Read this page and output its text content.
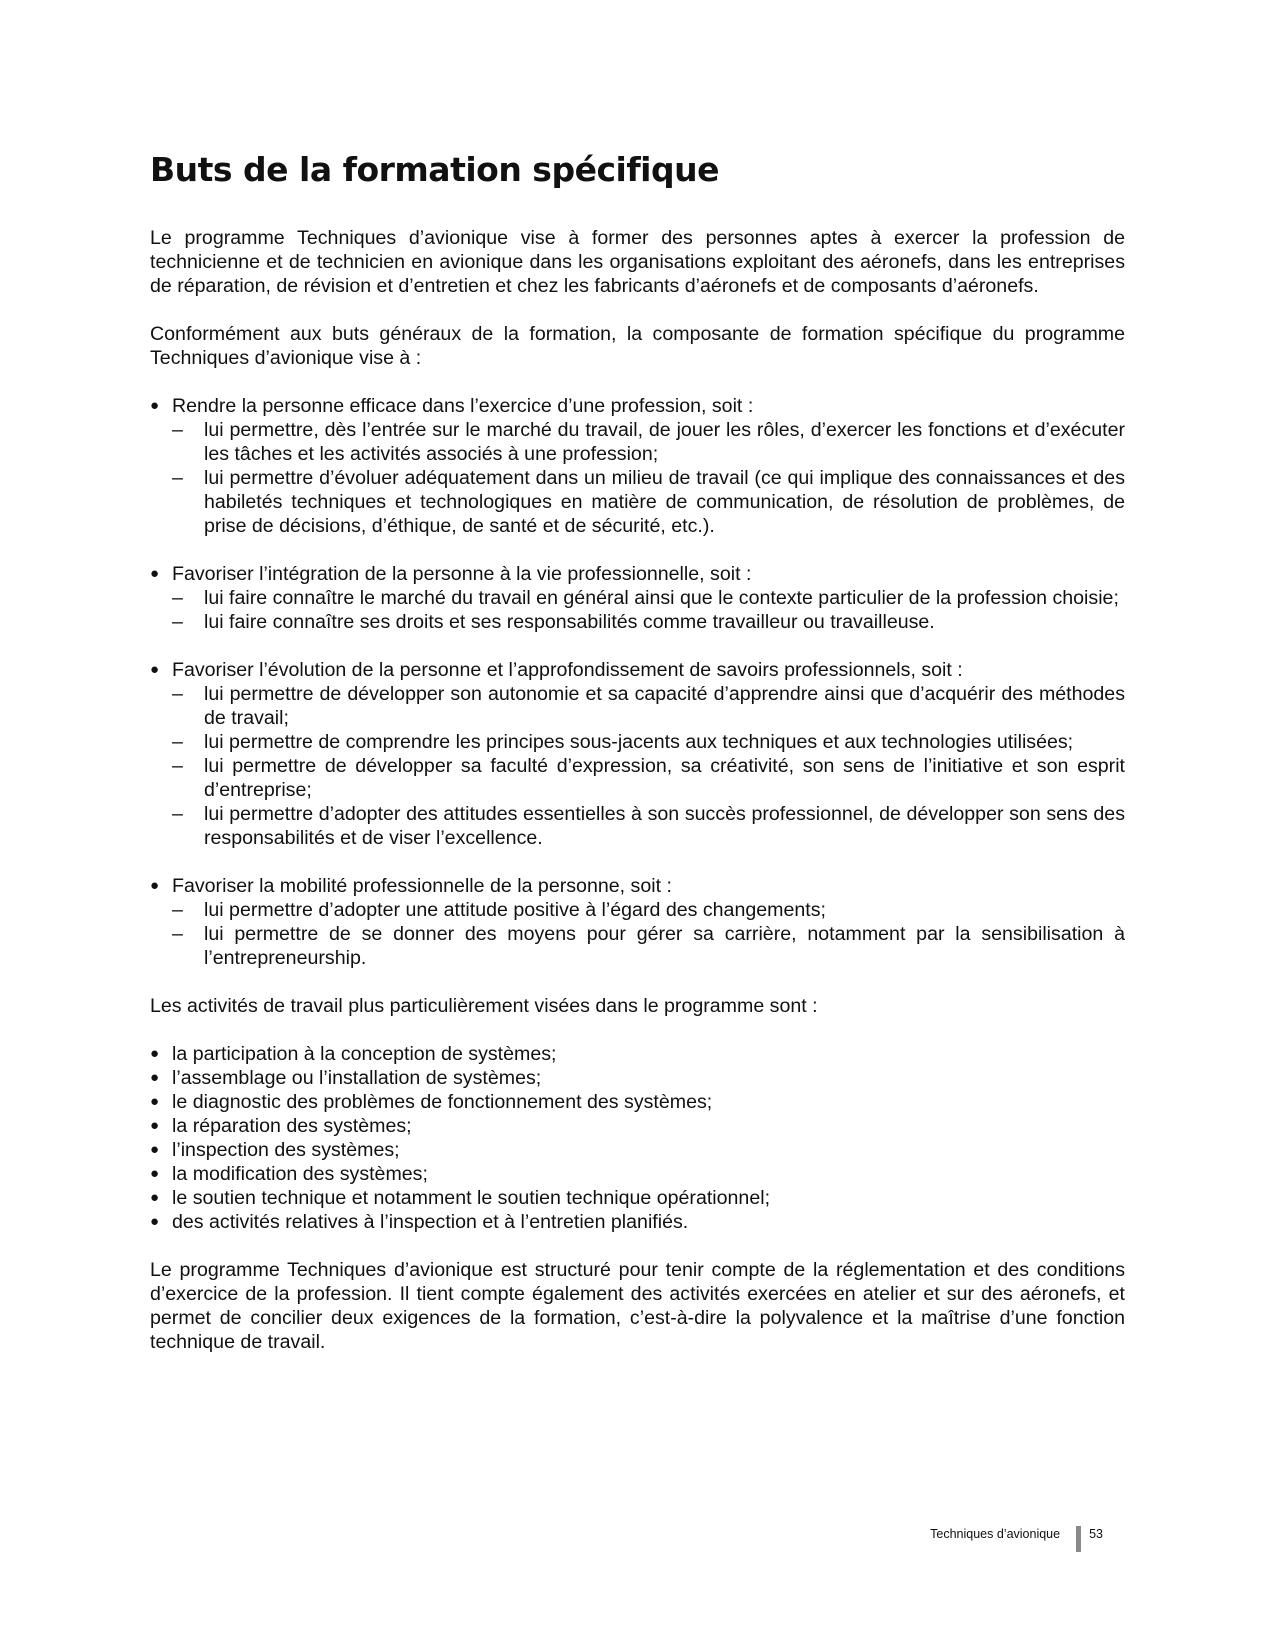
Buts de la formation spécifique

Le programme Techniques d’avionique vise à former des personnes aptes à exercer la profession de technicienne et de technicien en avionique dans les organisations exploitant des aéronefs, dans les entreprises de réparation, de révision et d’entretien et chez les fabricants d’aéronefs et de composants d’aéronefs.

Conformément aux buts généraux de la formation, la composante de formation spécifique du programme Techniques d’avionique vise à :

● Rendre la personne efficace dans l’exercice d’une profession, soit :
– lui permettre, dès l’entrée sur le marché du travail, de jouer les rôles, d’exercer les fonctions et d’exécuter les tâches et les activités associés à une profession;
– lui permettre d’évoluer adéquatement dans un milieu de travail (ce qui implique des connaissances et des habiletés techniques et technologiques en matière de communication, de résolution de problèmes, de prise de décisions, d’éthique, de santé et de sécurité, etc.).
● Favoriser l’intégration de la personne à la vie professionnelle, soit :
– lui faire connaître le marché du travail en général ainsi que le contexte particulier de la profession choisie;
– lui faire connaître ses droits et ses responsabilités comme travailleur ou travailleuse.
● Favoriser l’évolution de la personne et l’approfondissement de savoirs professionnels, soit :
– lui permettre de développer son autonomie et sa capacité d’apprendre ainsi que d’acquérir des méthodes de travail;
– lui permettre de comprendre les principes sous-jacents aux techniques et aux technologies utilisées;
– lui permettre de développer sa faculté d’expression, sa créativité, son sens de l’initiative et son esprit d’entreprise;
– lui permettre d’adopter des attitudes essentielles à son succès professionnel, de développer son sens des responsabilités et de viser l’excellence.
● Favoriser la mobilité professionnelle de la personne, soit :
– lui permettre d’adopter une attitude positive à l’égard des changements;
– lui permettre de se donner des moyens pour gérer sa carrière, notamment par la sensibilisation à l’entrepreneurship.

Les activités de travail plus particulièrement visées dans le programme sont :

● la participation à la conception de systèmes;
● l’assemblage ou l’installation de systèmes;
● le diagnostic des problèmes de fonctionnement des systèmes;
● la réparation des systèmes;
● l’inspection des systèmes;
● la modification des systèmes;
● le soutien technique et notamment le soutien technique opérationnel;
● des activités relatives à l’inspection et à l’entretien planifiés.

Le programme Techniques d’avionique est structuré pour tenir compte de la réglementation et des conditions d’exercice de la profession. Il tient compte également des activités exercées en atelier et sur des aéronefs, et permet de concilier deux exigences de la formation, c’est-à-dire la polyvalence et la maîtrise d’une fonction technique de travail.

Techniques d’avionique 53
